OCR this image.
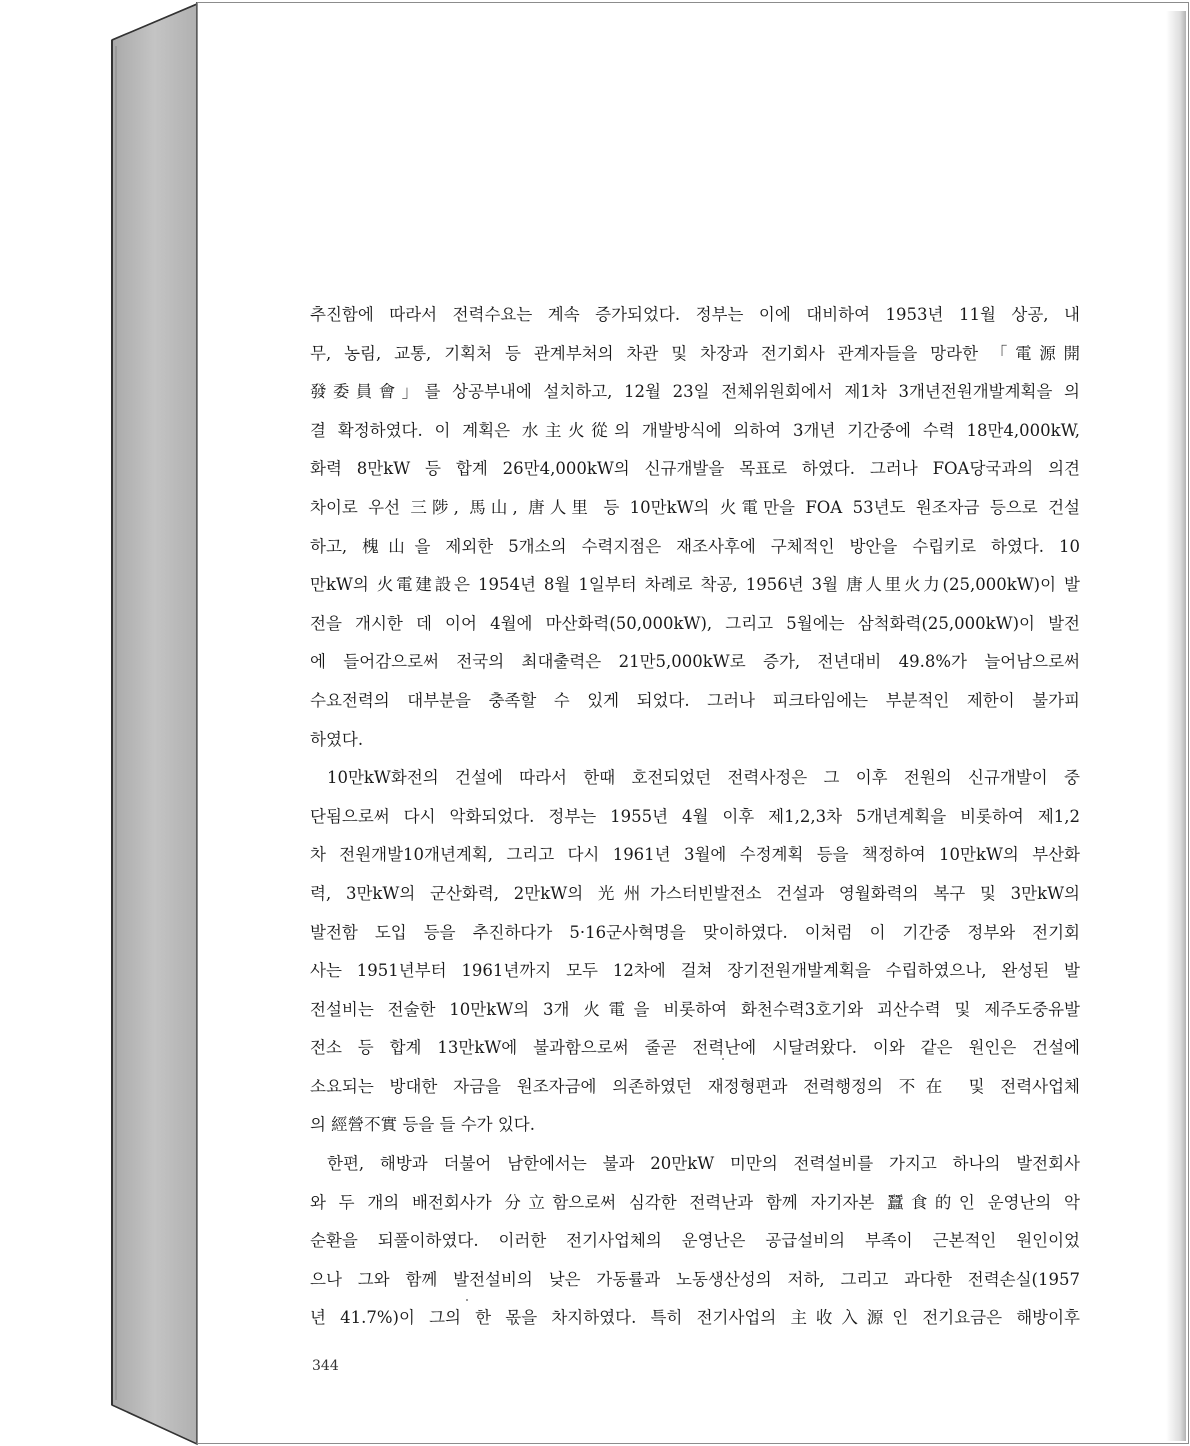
추진함에 따라서 전력수요는 계속 증가되었다. 정부는 이에 대비하여 1953년 11월 상공, 내
무, 농림, 교통, 기획처 등 관계부처의 차관 및 차장과 전기회사 관계자들을 망라한 「電源開
發委員會」를 상공부내에 설치하고, 12월 23일 전체위원회에서 제1차 3개년전원개발계획을 의
결 확정하였다. 이 계획은 水主火從의 개발방식에 의하여 3개년 기간중에 수력 18만4,000kW,
화력 8만kW 등 합계 26만4,000kW의 신규개발을 목표로 하였다. 그러나 FOA당국과의 의견
차이로 우선 三陟, 馬山, 唐人里 등 10만kW의 火電만을 FOA 53년도 원조자금 등으로 건설
하고, 槐山을 제외한 5개소의 수력지점은 재조사후에 구체적인 방안을 수립키로 하였다. 10
만kW의 火電建設은 1954년 8월 1일부터 차례로 착공, 1956년 3월 唐人里火力(25,000kW)이 발
전을 개시한 데 이어 4월에 마산화력(50,000kW), 그리고 5월에는 삼척화력(25,000kW)이 발전
에 들어감으로써 전국의 최대출력은 21만5,000kW로 증가, 전년대비 49.8%가 늘어남으로써
수요전력의 대부분을 충족할 수 있게 되었다. 그러나 피크타임에는 부분적인 제한이 불가피
하였다.
10만kW화전의 건설에 따라서 한때 호전되었던 전력사정은 그 이후 전원의 신규개발이 중
단됨으로써 다시 악화되었다. 정부는 1955년 4월 이후 제1,2,3차 5개년계획을 비롯하여 제1,2
차 전원개발10개년계획, 그리고 다시 1961년 3월에 수정계획 등을 책정하여 10만kW의 부산화
력, 3만kW의 군산화력, 2만kW의 光州가스터빈발전소 건설과 영월화력의 복구 및 3만kW의
발전함 도입 등을 추진하다가 5·16군사혁명을 맞이하였다. 이처럼 이 기간중 정부와 전기회
사는 1951년부터 1961년까지 모두 12차에 걸쳐 장기전원개발계획을 수립하였으나, 완성된 발
전설비는 전술한 10만kW의 3개 火電을 비롯하여 화천수력3호기와 괴산수력 및 제주도중유발
전소 등 합계 13만kW에 불과함으로써 줄곧 전력난에 시달려왔다. 이와 같은 원인은 건설에
소요되는 방대한 자금을 원조자금에 의존하였던 재정형편과 전력행정의 不在 및 전력사업체
의 經營不實 등을 들 수가 있다.
한편, 해방과 더불어 남한에서는 불과 20만kW 미만의 전력설비를 가지고 하나의 발전회사
와 두 개의 배전회사가 分立함으로써 심각한 전력난과 함께 자기자본 蠶食的인 운영난의 악
순환을 되풀이하였다. 이러한 전기사업체의 운영난은 공급설비의 부족이 근본적인 원인이었
으나 그와 함께 발전설비의 낮은 가동률과 노동생산성의 저하, 그리고 과다한 전력손실(1957
년 41.7%)이 그의 한 몫을 차지하였다. 특히 전기사업의 主收入源인 전기요금은 해방이후
344
